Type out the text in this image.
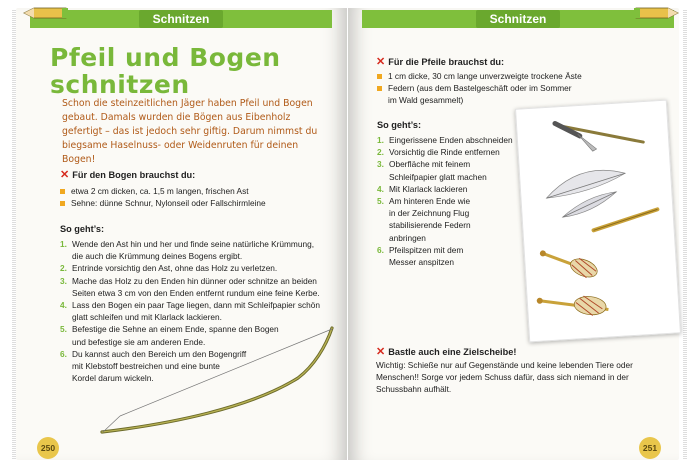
Schnitzen	Schnitzen
Pfeil und Bogen
schnitzen
Schon die steinzeitlichen Jäger haben Pfeil und Bogen gebaut. Damals wurden die Bögen aus Eibenholz gefertigt – das ist jedoch sehr giftig. Darum nimmst du biegsame Haselnuss- oder Weidenruten für deinen Bogen!
✕ Für den Bogen brauchst du:
etwa 2 cm dicken, ca. 1,5 m langen, frischen Ast
Sehne: dünne Schnur, Nylonseil oder Fallschirmleine
So geht’s:
1. Wende den Ast hin und her und finde seine natürliche Krümmung,
die auch die Krümmung deines Bogens ergibt.
2. Entrinde vorsichtig den Ast, ohne das Holz zu verletzen.
3. Mache das Holz zu den Enden hin dünner oder schnitze an beiden
Seiten etwa 3 cm von den Enden entfernt rundum eine feine Kerbe.
4. Lass den Bogen ein paar Tage liegen, dann mit Schleifpapier schön
glatt schleifen und mit Klarlack lackieren.
5. Befestige die Sehne an einem Ende, spanne den Bogen
und befestige sie am anderen Ende.
6. Du kannst auch den Bereich um den Bogengriff
mit Klebstoff bestreichen und eine bunte
Kordel darum wickeln.
250
✕ Für die Pfeile brauchst du:
1 cm dicke, 30 cm lange unverzweigte trockene Äste
Federn (aus dem Bastelgeschäft oder im Sommer
im Wald gesammelt)
So geht’s:
1. Eingerissene Enden abschneiden
2. Vorsichtig die Rinde entfernen
3. Oberfläche mit feinem
Schleifpapier glatt machen
4. Mit Klarlack lackieren
5. Am hinteren Ende wie
in der Zeichnung Flug
stabilisierende Federn
anbringen
6. Pfeilspitzen mit dem
Messer anspitzen
✕ Bastle auch eine Zielscheibe!
Wichtig: Schieße nur auf Gegenstände und keine lebenden Tiere oder
Menschen!! Sorge vor jedem Schuss dafür, dass sich niemand in der
Schussbahn aufhält.
251
